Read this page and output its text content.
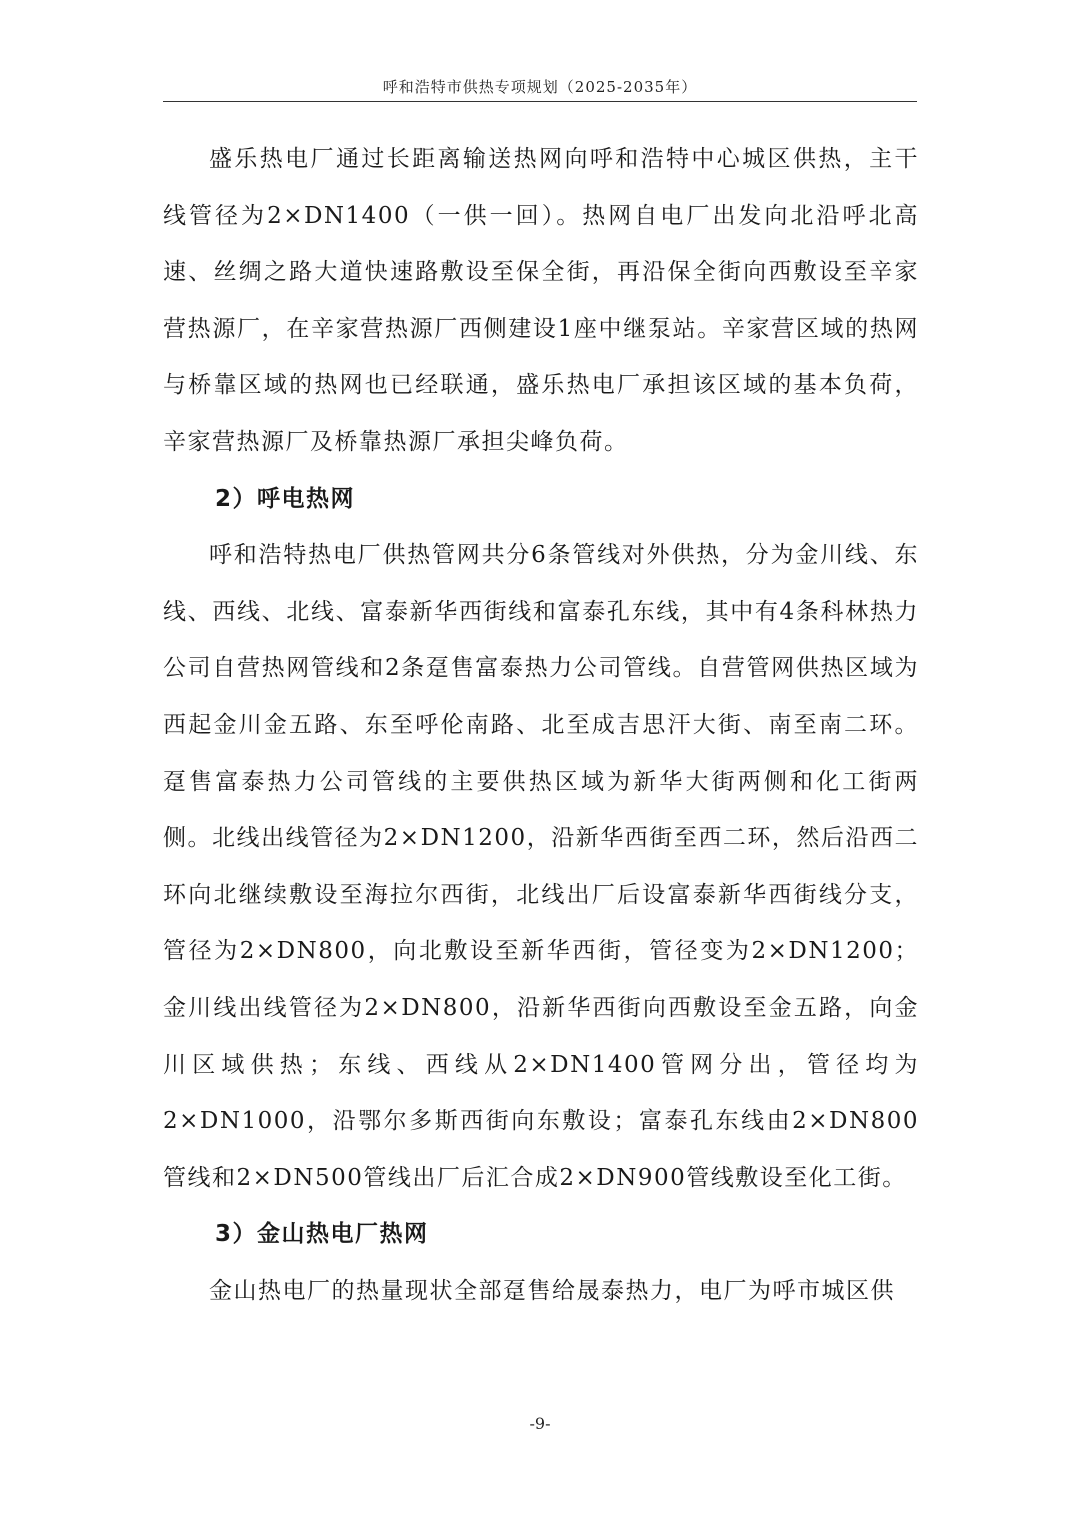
呼和浩特市供热专项规划（2025-2035年）

盛乐热电厂通过长距离输送热网向呼和浩特中心城区供热，主干线管径为2×DN1400（一供一回）。热网自电厂出发向北沿呼北高速、丝绸之路大道快速路敷设至保全街，再沿保全街向西敷设至辛家营热源厂，在辛家营热源厂西侧建设1座中继泵站。辛家营区域的热网与桥靠区域的热网也已经联通，盛乐热电厂承担该区域的基本负荷，辛家营热源厂及桥靠热源厂承担尖峰负荷。

2）呼电热网

呼和浩特热电厂供热管网共分6条管线对外供热，分为金川线、东线、西线、北线、富泰新华西街线和富泰孔东线，其中有4条科林热力公司自营热网管线和2条趸售富泰热力公司管线。自营管网供热区域为西起金川金五路、东至呼伦南路、北至成吉思汗大街、南至南二环。趸售富泰热力公司管线的主要供热区域为新华大街两侧和化工街两侧。北线出线管径为2×DN1200，沿新华西街至西二环，然后沿西二环向北继续敷设至海拉尔西街，北线出厂后设富泰新华西街线分支，管径为2×DN800，向北敷设至新华西街，管径变为2×DN1200；金川线出线管径为2×DN800，沿新华西街向西敷设至金五路，向金川区域供热；东线、西线从2×DN1400管网分出，管径均为2×DN1000，沿鄂尔多斯西街向东敷设；富泰孔东线由2×DN800管线和2×DN500管线出厂后汇合成2×DN900管线敷设至化工街。

3）金山热电厂热网

金山热电厂的热量现状全部趸售给晟泰热力，电厂为呼市城区供

-9-
